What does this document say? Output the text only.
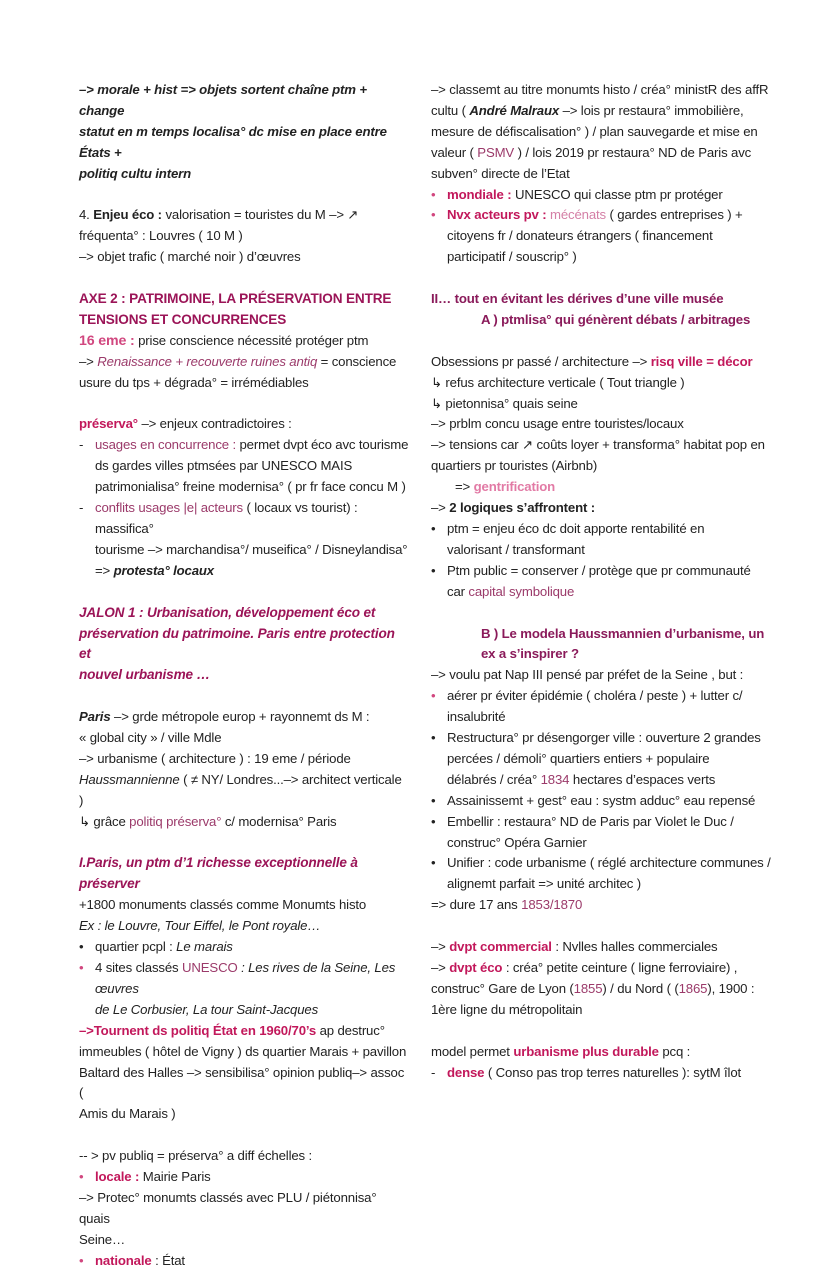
–> morale + hist => objets sortent chaîne ptm + change

statut en m temps localisa° dc mise en place entre États +

politiq cultu intern

4. Enjeu éco : valorisation = touristes du M –> ↗

fréquenta° : Louvres ( 10 M )

–> objet trafic ( marché noir ) d’œuvres

AXE 2 : PATRIMOINE, LA PRÉSERVATION ENTRE

TENSIONS ET CONCURRENCES

16 eme : prise conscience nécessité protéger ptm

–> Renaissance + recouverte ruines antiq = conscience

usure du tps + dégrada° = irrémédiables

préserva° –> enjeux contradictoires :

- usages en concurrence : permet dvpt éco avc tourisme

ds gardes villes ptmsées par UNESCO MAIS

patrimonialisa° freine modernisa° ( pr fr face concu M )

- conflits usages |e| acteurs ( locaux vs tourist) : massifica°

tourisme –> marchandisa°/ museifica° / Disneylandisa°

=> protesta° locaux

JALON 1 : Urbanisation, développement éco et

préservation du patrimoine. Paris entre protection et

nouvel urbanisme …

Paris –> grde métropole europ + rayonnemt ds M :

« global city » / ville Mdle

–> urbanisme ( architecture ) : 19 eme / période

Haussmannienne ( ≠ NY/ Londres...–> architect verticale )

↳ grâce politiq préserva° c/ modernisa° Paris

I.Paris, un ptm d’1 richesse exceptionnelle à préserver

+1800 monuments classés comme Monumts histo

Ex : le Louvre, Tour Eiffel, le Pont royale…

• quartier pcpl : Le marais

• 4 sites classés UNESCO : Les rives de la Seine, Les œuvres

de Le Corbusier, La tour Saint-Jacques

–>Tournent ds politiq État en 1960/70’s ap destruc°

immeubles ( hôtel de Vigny ) ds quartier Marais + pavillon

Baltard des Halles –> sensibilisa° opinion publiq–> assoc (

Amis du Marais )

-- > pv publiq = préserva° a diff échelles :

• locale : Mairie Paris

–> Protec° monumts classés avec PLU / piétonnisa° quais

Seine…

• nationale : État

–> classemt au titre monumts histo / créa° ministR des affR

cultu ( André Malraux –> lois pr restaura° immobilière,

mesure de défiscalisation° ) / plan sauvegarde et mise en

valeur ( PSMV ) / lois 2019 pr restaura° ND de Paris avc

subven° directe de l’Etat

• mondiale : UNESCO qui classe ptm pr protéger

• Nvx acteurs pv : mécénats ( gardes entreprises ) +

citoyens fr / donateurs étrangers ( financement

participatif / souscrip° )

II… tout en évitant les dérives d’une ville musée

A ) ptmlisa° qui génèrent débats / arbitrages

Obsessions pr passé / architecture –> risq ville = décor

↳ refus architecture verticale ( Tout triangle )

↳ pietonnisa° quais seine

–> prblm concu usage entre touristes/locaux

–> tensions car ↗ coûts loyer + transforma° habitat pop en

quartiers pr touristes (Airbnb)

=> gentrification

–> 2 logiques s’affrontent :

• ptm = enjeu éco dc doit apporte rentabilité en

valorisant / transformant

• Ptm public = conserver / protège que pr communauté

car capital symbolique

B ) Le modela Haussmannien d’urbanisme, un

ex a s’inspirer ?

–> voulu pat Nap III pensé par préfet de la Seine , but :

• aérer pr éviter épidémie ( choléra / peste ) + lutter c/

insalubrité

• Restructura° pr désengorger ville : ouverture 2 grandes

percées / démoli° quartiers entiers + populaire

délabrés / créa° 1834 hectares d’espaces verts

• Assainissemt + gest° eau : systm adduc° eau repensé

• Embellir : restaura° ND de Paris par Violet le Duc /

construc° Opéra Garnier

• Unifier : code urbanisme ( réglé architecture communes /

alignemt parfait => unité architec )

=> dure 17 ans 1853/1870

–> dvpt commercial : Nvlles halles commerciales

–> dvpt éco : créa° petite ceinture ( ligne ferroviaire) ,

construc° Gare de Lyon (1855) / du Nord ( (1865), 1900 :

1ère ligne du métropolitain

model permet urbanisme plus durable pcq :

- dense ( Conso pas trop terres naturelles ): sytM îlot
